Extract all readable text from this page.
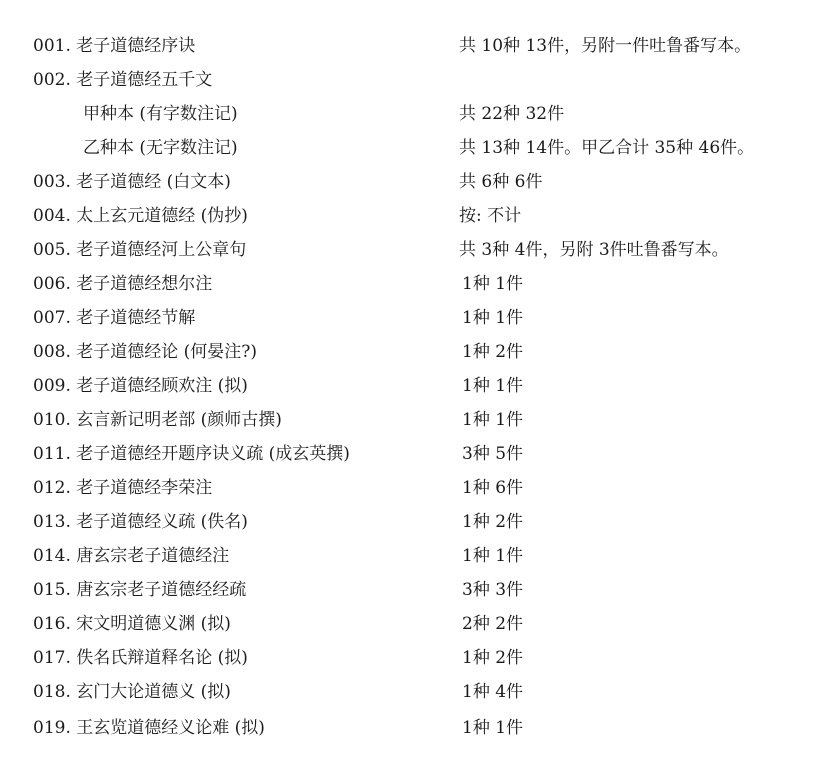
001. 老子道德经序诀	共 10种 13件，另附一件吐鲁番写本。
002. 老子道德经五千文
甲种本 (有字数注记)	共 22种 32件
乙种本 (无字数注记)	共 13种 14件。甲乙合计 35种 46件。
003. 老子道德经 (白文本)	共 6种 6件
004. 太上玄元道德经 (伪抄)	按: 不计
005. 老子道德经河上公章句	共 3种 4件，另附 3件吐鲁番写本。
006. 老子道德经想尔注	1种 1件
007. 老子道德经节解	1种 1件
008. 老子道德经论 (何晏注?)	1种 2件
009. 老子道德经顾欢注 (拟)	1种 1件
010. 玄言新记明老部 (颜师古撰)	1种 1件
011. 老子道德经开题序诀义疏 (成玄英撰)	3种 5件
012. 老子道德经李荣注	1种 6件
013. 老子道德经义疏 (佚名)	1种 2件
014. 唐玄宗老子道德经注	1种 1件
015. 唐玄宗老子道德经经疏	3种 3件
016. 宋文明道德义渊 (拟)	2种 2件
017. 佚名氏辩道释名论 (拟)	1种 2件
018. 玄门大论道德义 (拟)	1种 4件
019. 王玄览道德经义论难 (拟)	1种 1件
